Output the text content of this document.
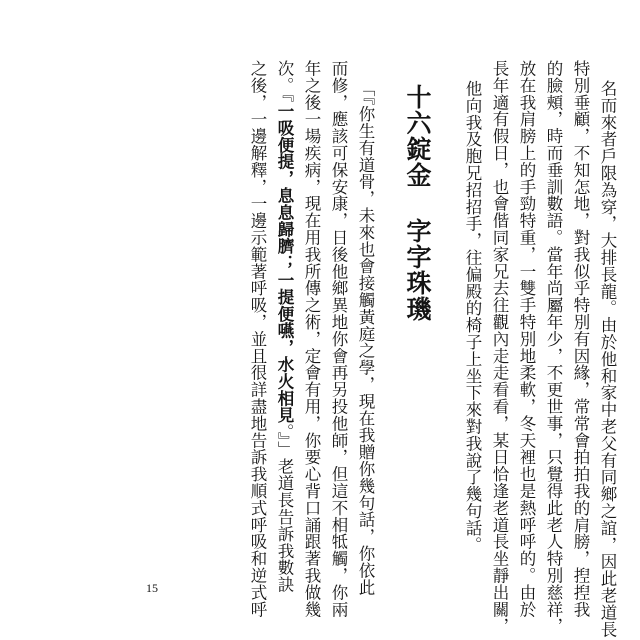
名而來者戶限為穿，大排長龍。由於他和家中老父有同鄉之誼，因此老道長
特別垂顧，不知怎地，對我似乎特別有因緣，常常會拍拍我的肩膀，揑揑我
的臉頰，時而垂訓數語。當年尚屬年少，不更世事，只覺得此老人特別慈祥，
放在我肩膀上的手勁特重，一雙手特別地柔軟，冬天裡也是熱呼呼的。由於
長年適有假日，也會偕同家兄去往觀內走走看看，某日恰逢老道長坐靜出關，
他向我及胞兄招招手，往偏殿的椅子上坐下來對我說了幾句話。
十六錠金 字字珠璣
「『你生有道骨，未來也會接觸黃庭之學，現在我贈你幾句話，你依此
而修，應該可保安康，日後他鄉異地你會再另投他師，但這不相牴觸，你兩
年之後一場疾病，現在用我所傳之術，定會有用，你要心背口誦跟著我做幾
次。『一吸便提，息息歸臍；一提便嚥，水火相見。』」老道長告訴我數訣
之後，一邊解釋，一邊示範著呼吸，並且很詳盡地告訴我順式呼吸和逆式呼
15
